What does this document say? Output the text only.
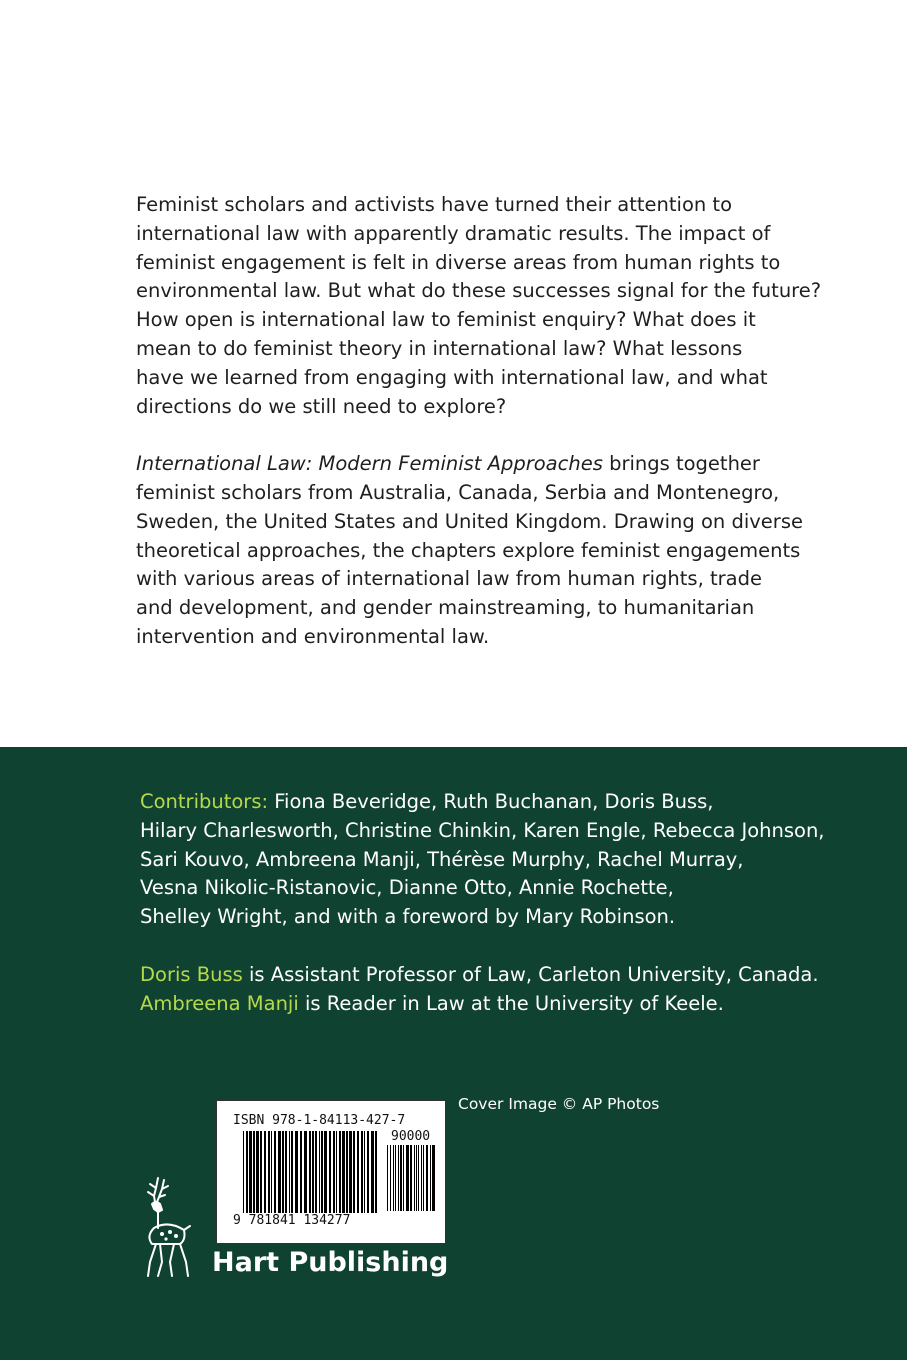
Feminist scholars and activists have turned their attention to
international law with apparently dramatic results. The impact of
feminist engagement is felt in diverse areas from human rights to
environmental law. But what do these successes signal for the future?
How open is international law to feminist enquiry? What does it
mean to do feminist theory in international law? What lessons
have we learned from engaging with international law, and what
directions do we still need to explore?

International Law: Modern Feminist Approaches brings together
feminist scholars from Australia, Canada, Serbia and Montenegro,
Sweden, the United States and United Kingdom. Drawing on diverse
theoretical approaches, the chapters explore feminist engagements
with various areas of international law from human rights, trade
and development, and gender mainstreaming, to humanitarian
intervention and environmental law.

Contributors: Fiona Beveridge, Ruth Buchanan, Doris Buss,
Hilary Charlesworth, Christine Chinkin, Karen Engle, Rebecca Johnson,
Sari Kouvo, Ambreena Manji, Thérèse Murphy, Rachel Murray,
Vesna Nikolic-Ristanovic, Dianne Otto, Annie Rochette,
Shelley Wright, and with a foreword by Mary Robinson.

Doris Buss is Assistant Professor of Law, Carleton University, Canada.
Ambreena Manji is Reader in Law at the University of Keele.

ISBN 978-1-84113-427-7
90000
9 781841 134277
Cover Image © AP Photos
Hart Publishing
